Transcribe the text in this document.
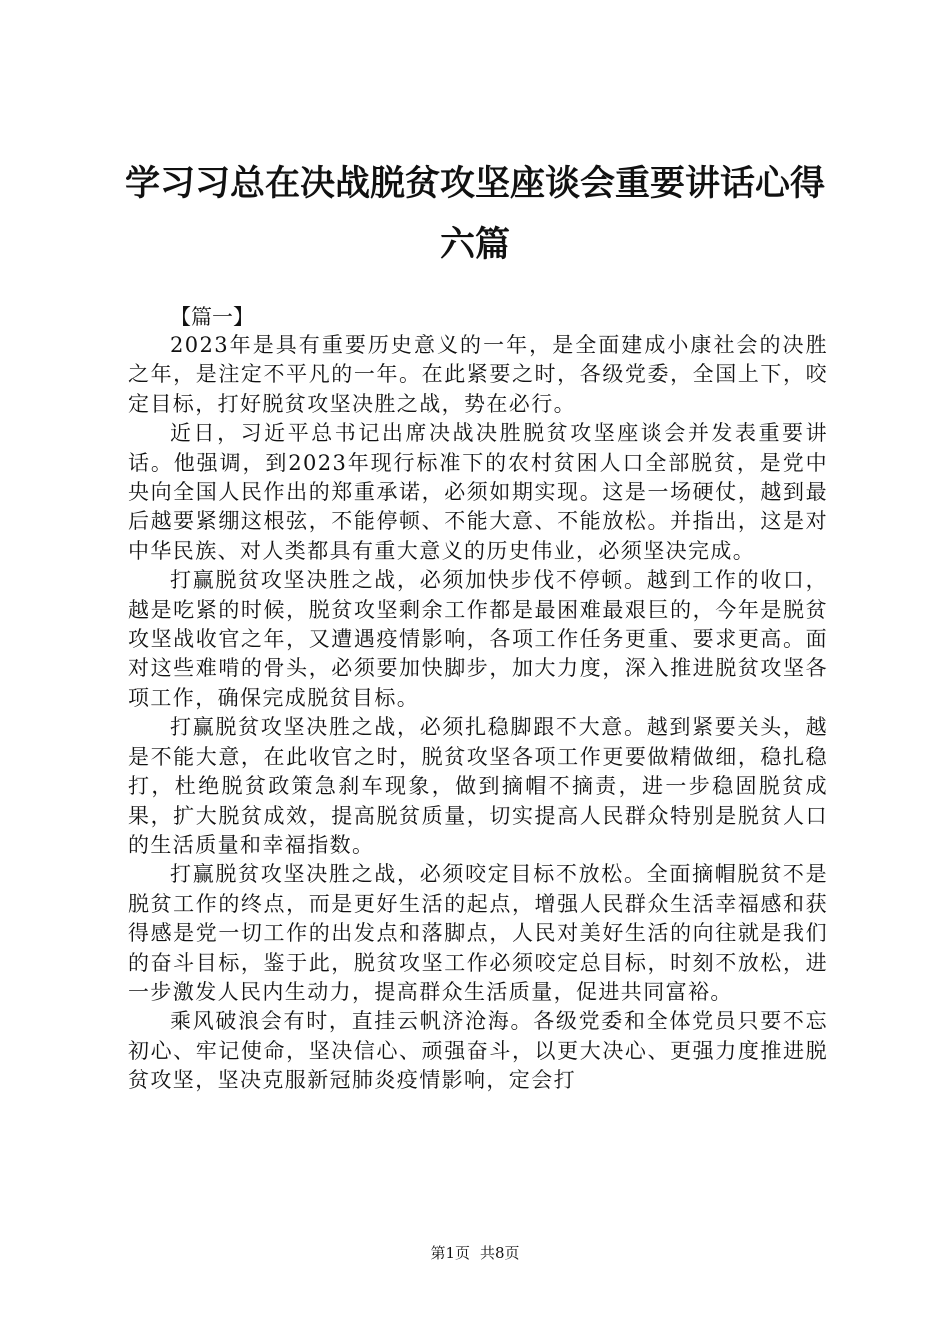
学习习总在决战脱贫攻坚座谈会重要讲话心得
六篇

【篇一】

2023年是具有重要历史意义的一年，是全面建成小康社会的决胜之年，是注定不平凡的一年。在此紧要之时，各级党委，全国上下，咬定目标，打好脱贫攻坚决胜之战，势在必行。

近日，习近平总书记出席决战决胜脱贫攻坚座谈会并发表重要讲话。他强调，到2023年现行标准下的农村贫困人口全部脱贫，是党中央向全国人民作出的郑重承诺，必须如期实现。这是一场硬仗，越到最后越要紧绷这根弦，不能停顿、不能大意、不能放松。并指出，这是对中华民族、对人类都具有重大意义的历史伟业，必须坚决完成。

打赢脱贫攻坚决胜之战，必须加快步伐不停顿。越到工作的收口，越是吃紧的时候，脱贫攻坚剩余工作都是最困难最艰巨的，今年是脱贫攻坚战收官之年，又遭遇疫情影响，各项工作任务更重、要求更高。面对这些难啃的骨头，必须要加快脚步，加大力度，深入推进脱贫攻坚各项工作，确保完成脱贫目标。

打赢脱贫攻坚决胜之战，必须扎稳脚跟不大意。越到紧要关头，越是不能大意，在此收官之时，脱贫攻坚各项工作更要做精做细，稳扎稳打，杜绝脱贫政策急刹车现象，做到摘帽不摘责，进一步稳固脱贫成果，扩大脱贫成效，提高脱贫质量，切实提高人民群众特别是脱贫人口的生活质量和幸福指数。

打赢脱贫攻坚决胜之战，必须咬定目标不放松。全面摘帽脱贫不是脱贫工作的终点，而是更好生活的起点，增强人民群众生活幸福感和获得感是党一切工作的出发点和落脚点，人民对美好生活的向往就是我们的奋斗目标，鉴于此，脱贫攻坚工作必须咬定总目标，时刻不放松，进一步激发人民内生动力，提高群众生活质量，促进共同富裕。

乘风破浪会有时，直挂云帆济沧海。各级党委和全体党员只要不忘初心、牢记使命，坚决信心、顽强奋斗，以更大决心、更强力度推进脱贫攻坚，坚决克服新冠肺炎疫情影响，定会打

第1页 共8页
